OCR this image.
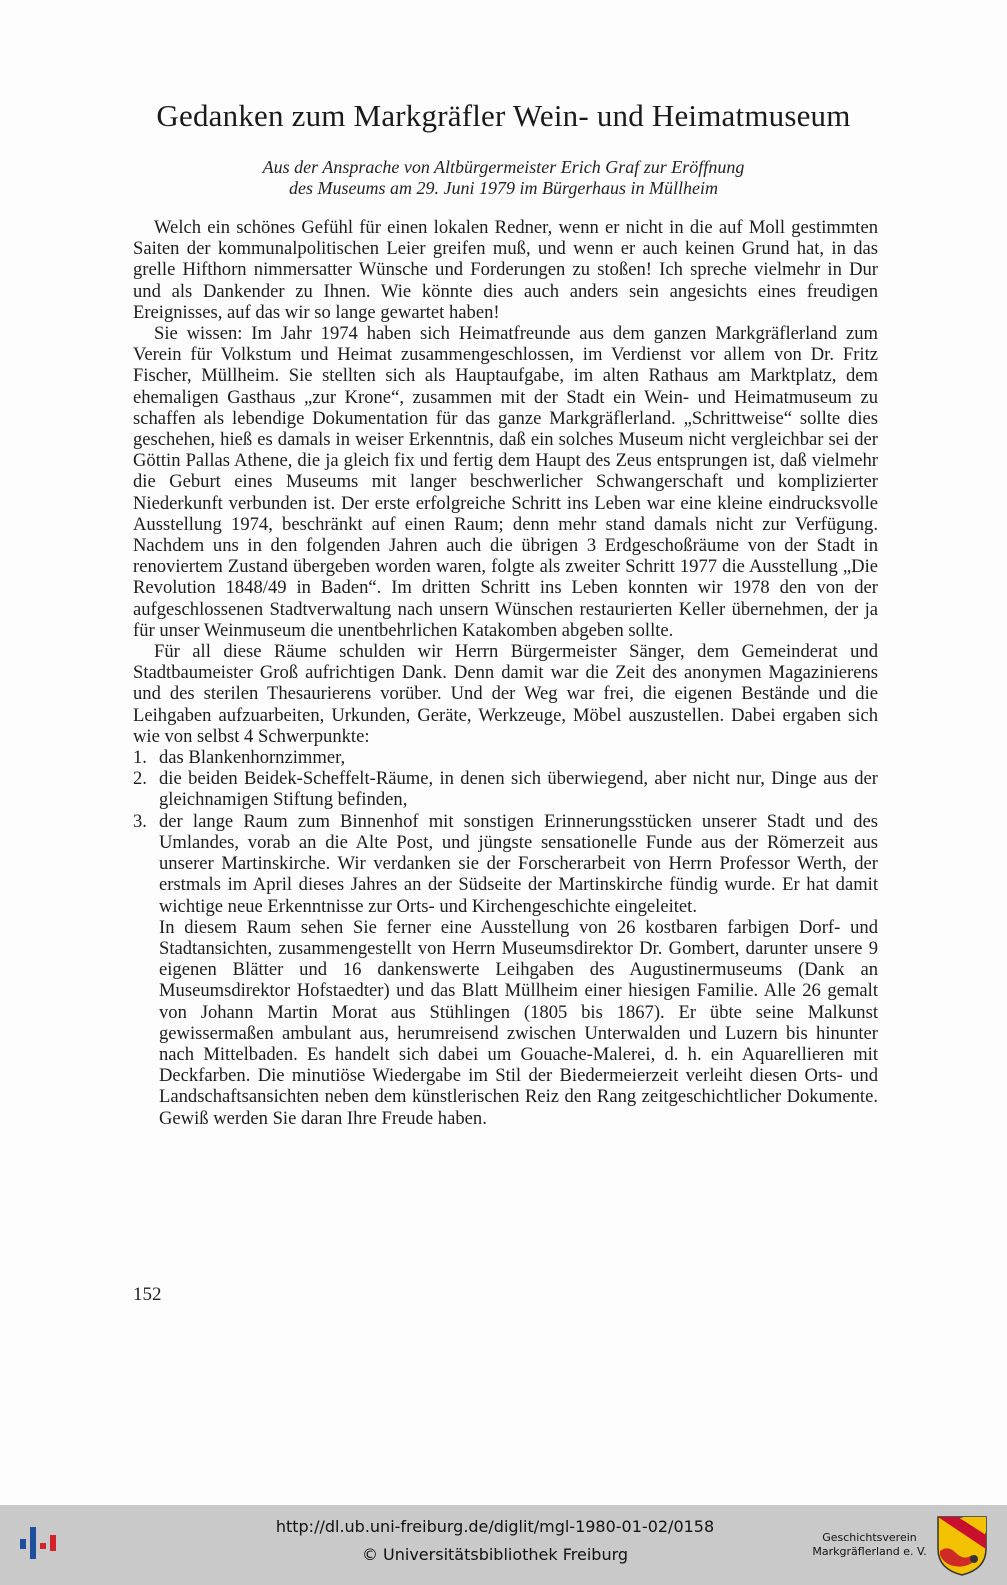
Gedanken zum Markgräfler Wein- und Heimatmuseum
Aus der Ansprache von Altbürgermeister Erich Graf zur Eröffnung
des Museums am 29. Juni 1979 im Bürgerhaus in Müllheim

Welch ein schönes Gefühl für einen lokalen Redner, wenn er nicht in die auf Moll gestimmten Saiten der kommunalpolitischen Leier greifen muß, und wenn er auch keinen Grund hat, in das grelle Hifthorn nimmersatter Wünsche und Forderungen zu stoßen! Ich spreche vielmehr in Dur und als Dankender zu Ihnen. Wie könnte dies auch anders sein angesichts eines freudigen Ereignisses, auf das wir so lange gewartet haben!

Sie wissen: Im Jahr 1974 haben sich Heimatfreunde aus dem ganzen Markgräflerland zum Verein für Volkstum und Heimat zusammengeschlossen, im Verdienst vor allem von Dr. Fritz Fischer, Müllheim. Sie stellten sich als Hauptaufgabe, im alten Rathaus am Marktplatz, dem ehemaligen Gasthaus „zur Krone“, zusammen mit der Stadt ein Wein- und Heimatmuseum zu schaffen als lebendige Dokumentation für das ganze Markgräflerland. „Schrittweise“ sollte dies geschehen, hieß es damals in weiser Erkenntnis, daß ein solches Museum nicht vergleichbar sei der Göttin Pallas Athene, die ja gleich fix und fertig dem Haupt des Zeus entsprungen ist, daß vielmehr die Geburt eines Museums mit langer beschwerlicher Schwangerschaft und komplizierter Niederkunft verbunden ist. Der erste erfolgreiche Schritt ins Leben war eine kleine eindrucksvolle Ausstellung 1974, beschränkt auf einen Raum; denn mehr stand damals nicht zur Verfügung. Nachdem uns in den folgenden Jahren auch die übrigen 3 Erdgeschoßräume von der Stadt in renoviertem Zustand übergeben worden waren, folgte als zweiter Schritt 1977 die Ausstellung „Die Revolution 1848/49 in Baden“. Im dritten Schritt ins Leben konnten wir 1978 den von der aufgeschlossenen Stadtverwaltung nach unsern Wünschen restaurierten Keller übernehmen, der ja für unser Weinmuseum die unentbehrlichen Katakomben abgeben sollte.

Für all diese Räume schulden wir Herrn Bürgermeister Sänger, dem Gemeinderat und Stadtbaumeister Groß aufrichtigen Dank. Denn damit war die Zeit des anonymen Magazinierens und des sterilen Thesaurierens vorüber. Und der Weg war frei, die eigenen Bestände und die Leihgaben aufzuarbeiten, Urkunden, Geräte, Werkzeuge, Möbel auszustellen. Dabei ergaben sich wie von selbst 4 Schwerpunkte:

1. das Blankenhornzimmer,
2. die beiden Beidek-Scheffelt-Räume, in denen sich überwiegend, aber nicht nur, Dinge aus der gleichnamigen Stiftung befinden,
3. der lange Raum zum Binnenhof mit sonstigen Erinnerungsstücken unserer Stadt und des Umlandes, vorab an die Alte Post, und jüngste sensationelle Funde aus der Römerzeit aus unserer Martinskirche. Wir verdanken sie der Forscherarbeit von Herrn Professor Werth, der erstmals im April dieses Jahres an der Südseite der Martinskirche fündig wurde. Er hat damit wichtige neue Erkenntnisse zur Orts- und Kirchengeschichte eingeleitet.

In diesem Raum sehen Sie ferner eine Ausstellung von 26 kostbaren farbigen Dorf- und Stadtansichten, zusammengestellt von Herrn Museumsdirektor Dr. Gombert, darunter unsere 9 eigenen Blätter und 16 dankenswerte Leihgaben des Augustinermuseums (Dank an Museumsdirektor Hofstaedter) und das Blatt Müllheim einer hiesigen Familie. Alle 26 gemalt von Johann Martin Morat aus Stühlingen (1805 bis 1867). Er übte seine Malkunst gewissermaßen ambulant aus, herumreisend zwischen Unterwalden und Luzern bis hinunter nach Mittelbaden. Es handelt sich dabei um Gouache-Malerei, d. h. ein Aquarellieren mit Deckfarben. Die minutiöse Wiedergabe im Stil der Biedermeierzeit verleiht diesen Orts- und Landschaftsansichten neben dem künstlerischen Reiz den Rang zeitgeschichtlicher Dokumente. Gewiß werden Sie daran Ihre Freude haben.

152
http://dl.ub.uni-freiburg.de/diglit/mgl-1980-01-02/0158
© Universitätsbibliothek Freiburg
Geschichtsverein
Markgräflerland e. V.
